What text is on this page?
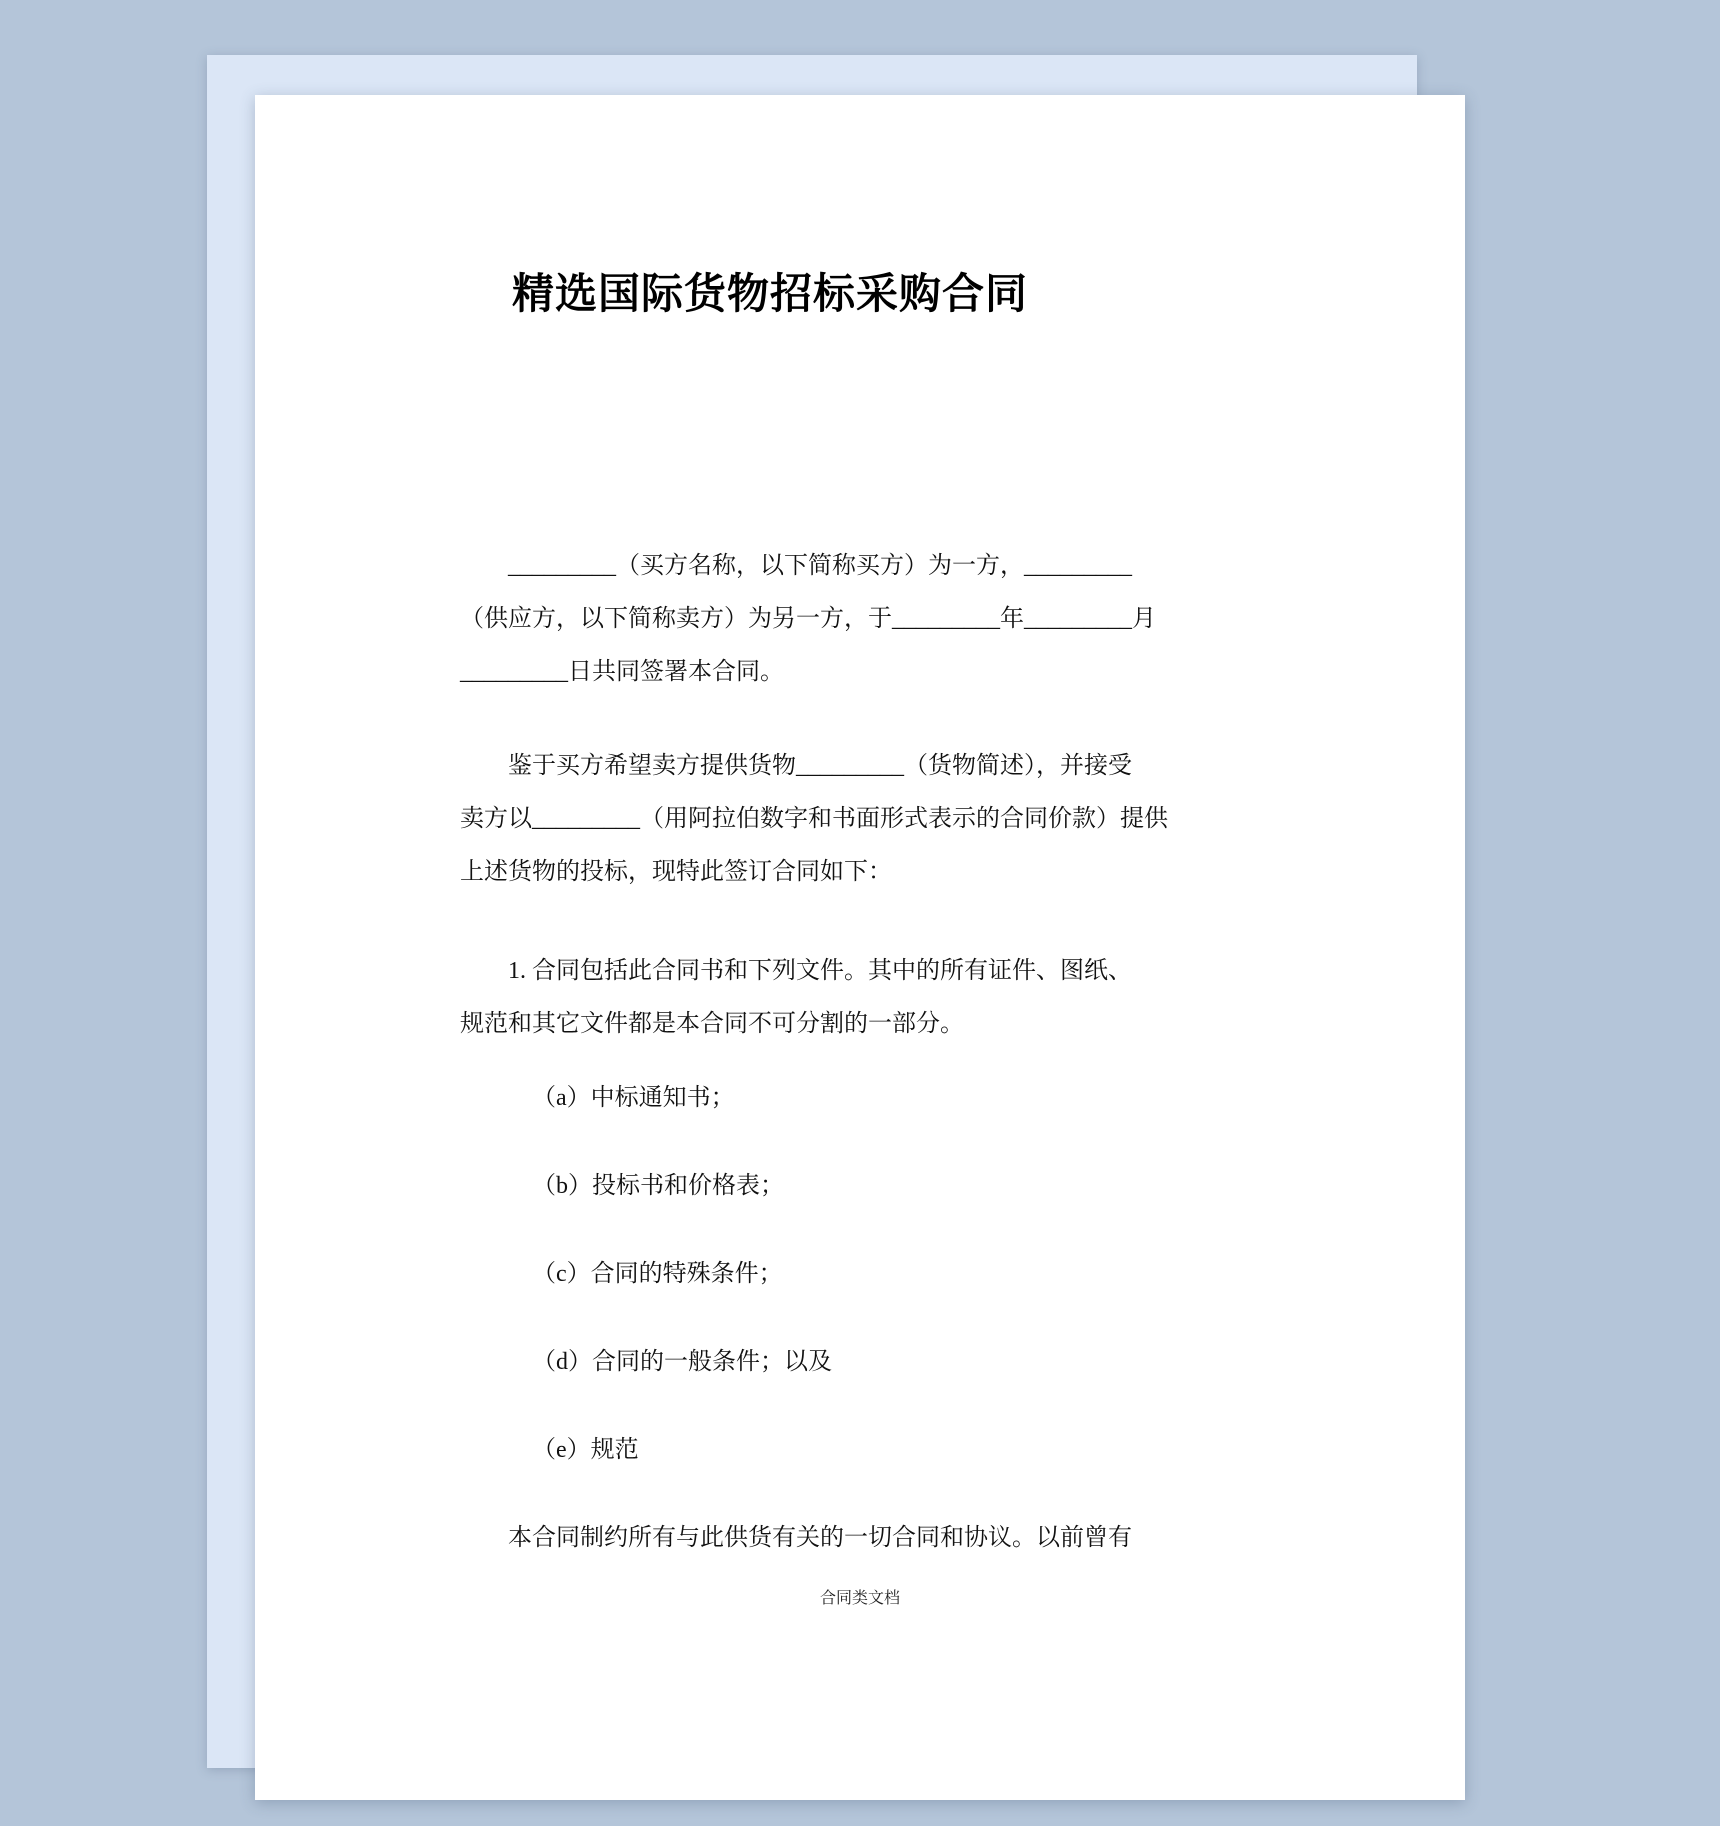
精选国际货物招标采购合同
_________（买方名称，以下简称买方）为一方，_________
（供应方，以下简称卖方）为另一方，于_________年_________月
_________日共同签署本合同。
鉴于买方希望卖方提供货物_________（货物简述），并接受
卖方以_________（用阿拉伯数字和书面形式表示的合同价款）提供
上述货物的投标，现特此签订合同如下：
1. 合同包括此合同书和下列文件。其中的所有证件、图纸、
规范和其它文件都是本合同不可分割的一部分。
（a）中标通知书；
（b）投标书和价格表；
（c）合同的特殊条件；
（d）合同的一般条件；以及
（e）规范
本合同制约所有与此供货有关的一切合同和协议。以前曾有
合同类文档
